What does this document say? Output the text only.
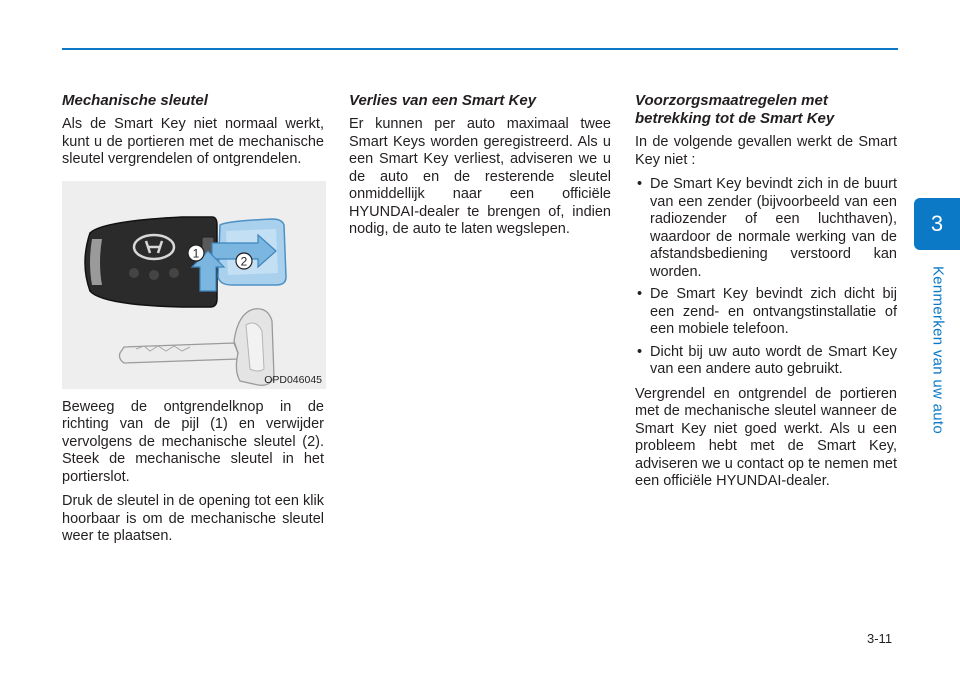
3
Kenmerken van uw auto
Mechanische sleutel

Als de Smart Key niet normaal werkt, kunt u de portieren met de mechanische sleutel vergrendelen of ontgrendelen.

1
2
OPD046045

Beweeg de ontgrendelknop in de richting van de pijl (1) en verwijder vervolgens de mechanische sleutel (2). Steek de mechanische sleutel in het portierslot.

Druk de sleutel in de opening tot een klik hoorbaar is om de mechanische sleutel weer te plaatsen.

Verlies van een Smart Key

Er kunnen per auto maximaal twee Smart Keys worden geregistreerd. Als u een Smart Key verliest, adviseren we u de auto en de resterende sleutel onmiddellijk naar een officiële HYUNDAI-dealer te brengen of, indien nodig, de auto te laten wegslepen.

Voorzorgsmaatregelen met
betrekking tot de Smart Key

In de volgende gevallen werkt de Smart Key niet :

• De Smart Key bevindt zich in de buurt van een zender (bijvoorbeeld van een radiozender of een luchthaven), waardoor de normale werking van de afstandsbediening verstoord kan worden.
• De Smart Key bevindt zich dicht bij een zend- en ontvangstinstallatie of een mobiele telefoon.
• Dicht bij uw auto wordt de Smart Key van een andere auto gebruikt.

Vergrendel en ontgrendel de portieren met de mechanische sleutel wanneer de Smart Key niet goed werkt. Als u een probleem hebt met de Smart Key, adviseren we u contact op te nemen met een officiële HYUNDAI-dealer.

3-11
